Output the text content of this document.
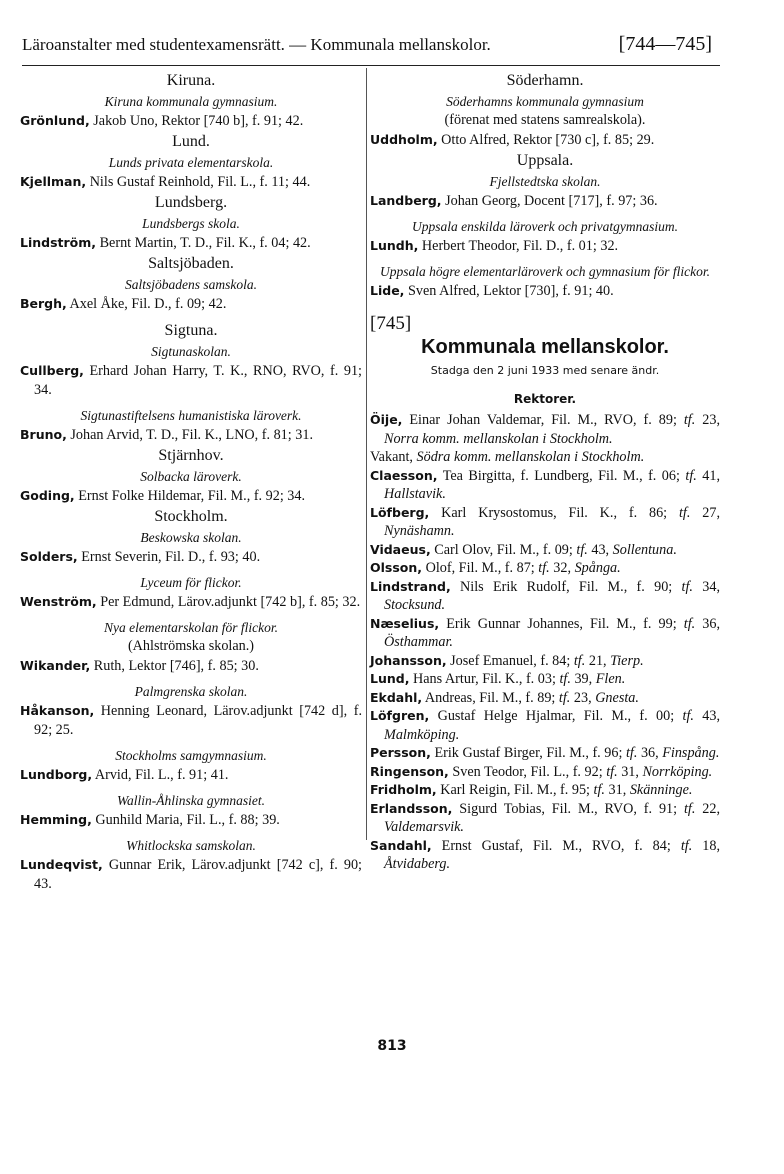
Läroanstalter med studentexamensrätt. — Kommunala mellanskolor.	[744—745]

Kiruna.

Kiruna kommunala gymnasium.

Grönlund, Jakob Uno, Rektor [740 b], f. 91; 42.

Lund.

Lunds privata elementarskola.

Kjellman, Nils Gustaf Reinhold, Fil. L., f. 11; 44.

Lundsberg.

Lundsbergs skola.

Lindström, Bernt Martin, T. D., Fil. K., f. 04; 42.

Saltsjöbaden.

Saltsjöbadens samskola.

Bergh, Axel Åke, Fil. D., f. 09; 42.

Sigtuna.

Sigtunaskolan.

Cullberg, Erhard Johan Harry, T. K., RNO, RVO, f. 91; 34.

Sigtunastiftelsens humanistiska läroverk.

Bruno, Johan Arvid, T. D., Fil. K., LNO, f. 81; 31.

Stjärnhov.

Solbacka läroverk.

Goding, Ernst Folke Hildemar, Fil. M., f. 92; 34.

Stockholm.

Beskowska skolan.

Solders, Ernst Severin, Fil. D., f. 93; 40.

Lyceum för flickor.

Wenström, Per Edmund, Lärov.adjunkt [742 b], f. 85; 32.

Nya elementarskolan för flickor.

(Ahlströmska skolan.)

Wikander, Ruth, Lektor [746], f. 85; 30.

Palmgrenska skolan.

Håkanson, Henning Leonard, Lärov.adjunkt [742 d], f. 92; 25.

Stockholms samgymnasium.

Lundborg, Arvid, Fil. L., f. 91; 41.

Wallin-Åhlinska gymnasiet.

Hemming, Gunhild Maria, Fil. L., f. 88; 39.

Whitlockska samskolan.

Lundeqvist, Gunnar Erik, Lärov.adjunkt [742 c], f. 90; 43.

Söderhamn.

Söderhamns kommunala gymnasium

(förenat med statens samrealskola).

Uddholm, Otto Alfred, Rektor [730 c], f. 85; 29.

Uppsala.

Fjellstedtska skolan.

Landberg, Johan Georg, Docent [717], f. 97; 36.

Uppsala enskilda läroverk och privatgymnasium.

Lundh, Herbert Theodor, Fil. D., f. 01; 32.

Uppsala högre elementarläroverk och gymnasium för flickor.

Lide, Sven Alfred, Lektor [730], f. 91; 40.

[745]
Kommunala mellanskolor.
Stadga den 2 juni 1933 med senare ändr.
Rektorer.

Öije, Einar Johan Valdemar, Fil. M., RVO, f. 89; tf. 23, Norra komm. mellanskolan i Stockholm.

Vakant, Södra komm. mellanskolan i Stockholm.

Claesson, Tea Birgitta, f. Lundberg, Fil. M., f. 06; tf. 41, Hallstavik.

Löfberg, Karl Krysostomus, Fil. K., f. 86; tf. 27, Nynäshamn.

Vidaeus, Carl Olov, Fil. M., f. 09; tf. 43, Sollentuna.

Olsson, Olof, Fil. M., f. 87; tf. 32, Spånga.

Lindstrand, Nils Erik Rudolf, Fil. M., f. 90; tf. 34, Stocksund.

Næselius, Erik Gunnar Johannes, Fil. M., f. 99; tf. 36, Östhammar.

Johansson, Josef Emanuel, f. 84; tf. 21, Tierp.

Lund, Hans Artur, Fil. K., f. 03; tf. 39, Flen.

Ekdahl, Andreas, Fil. M., f. 89; tf. 23, Gnesta.

Löfgren, Gustaf Helge Hjalmar, Fil. M., f. 00; tf. 43, Malmköping.

Persson, Erik Gustaf Birger, Fil. M., f. 96; tf. 36, Finspång.

Ringenson, Sven Teodor, Fil. L., f. 92; tf. 31, Norrköping.

Fridholm, Karl Reigin, Fil. M., f. 95; tf. 31, Skänninge.

Erlandsson, Sigurd Tobias, Fil. M., RVO, f. 91; tf. 22, Valdemarsvik.

Sandahl, Ernst Gustaf, Fil. M., RVO, f. 84; tf. 18, Åtvidaberg.

813
